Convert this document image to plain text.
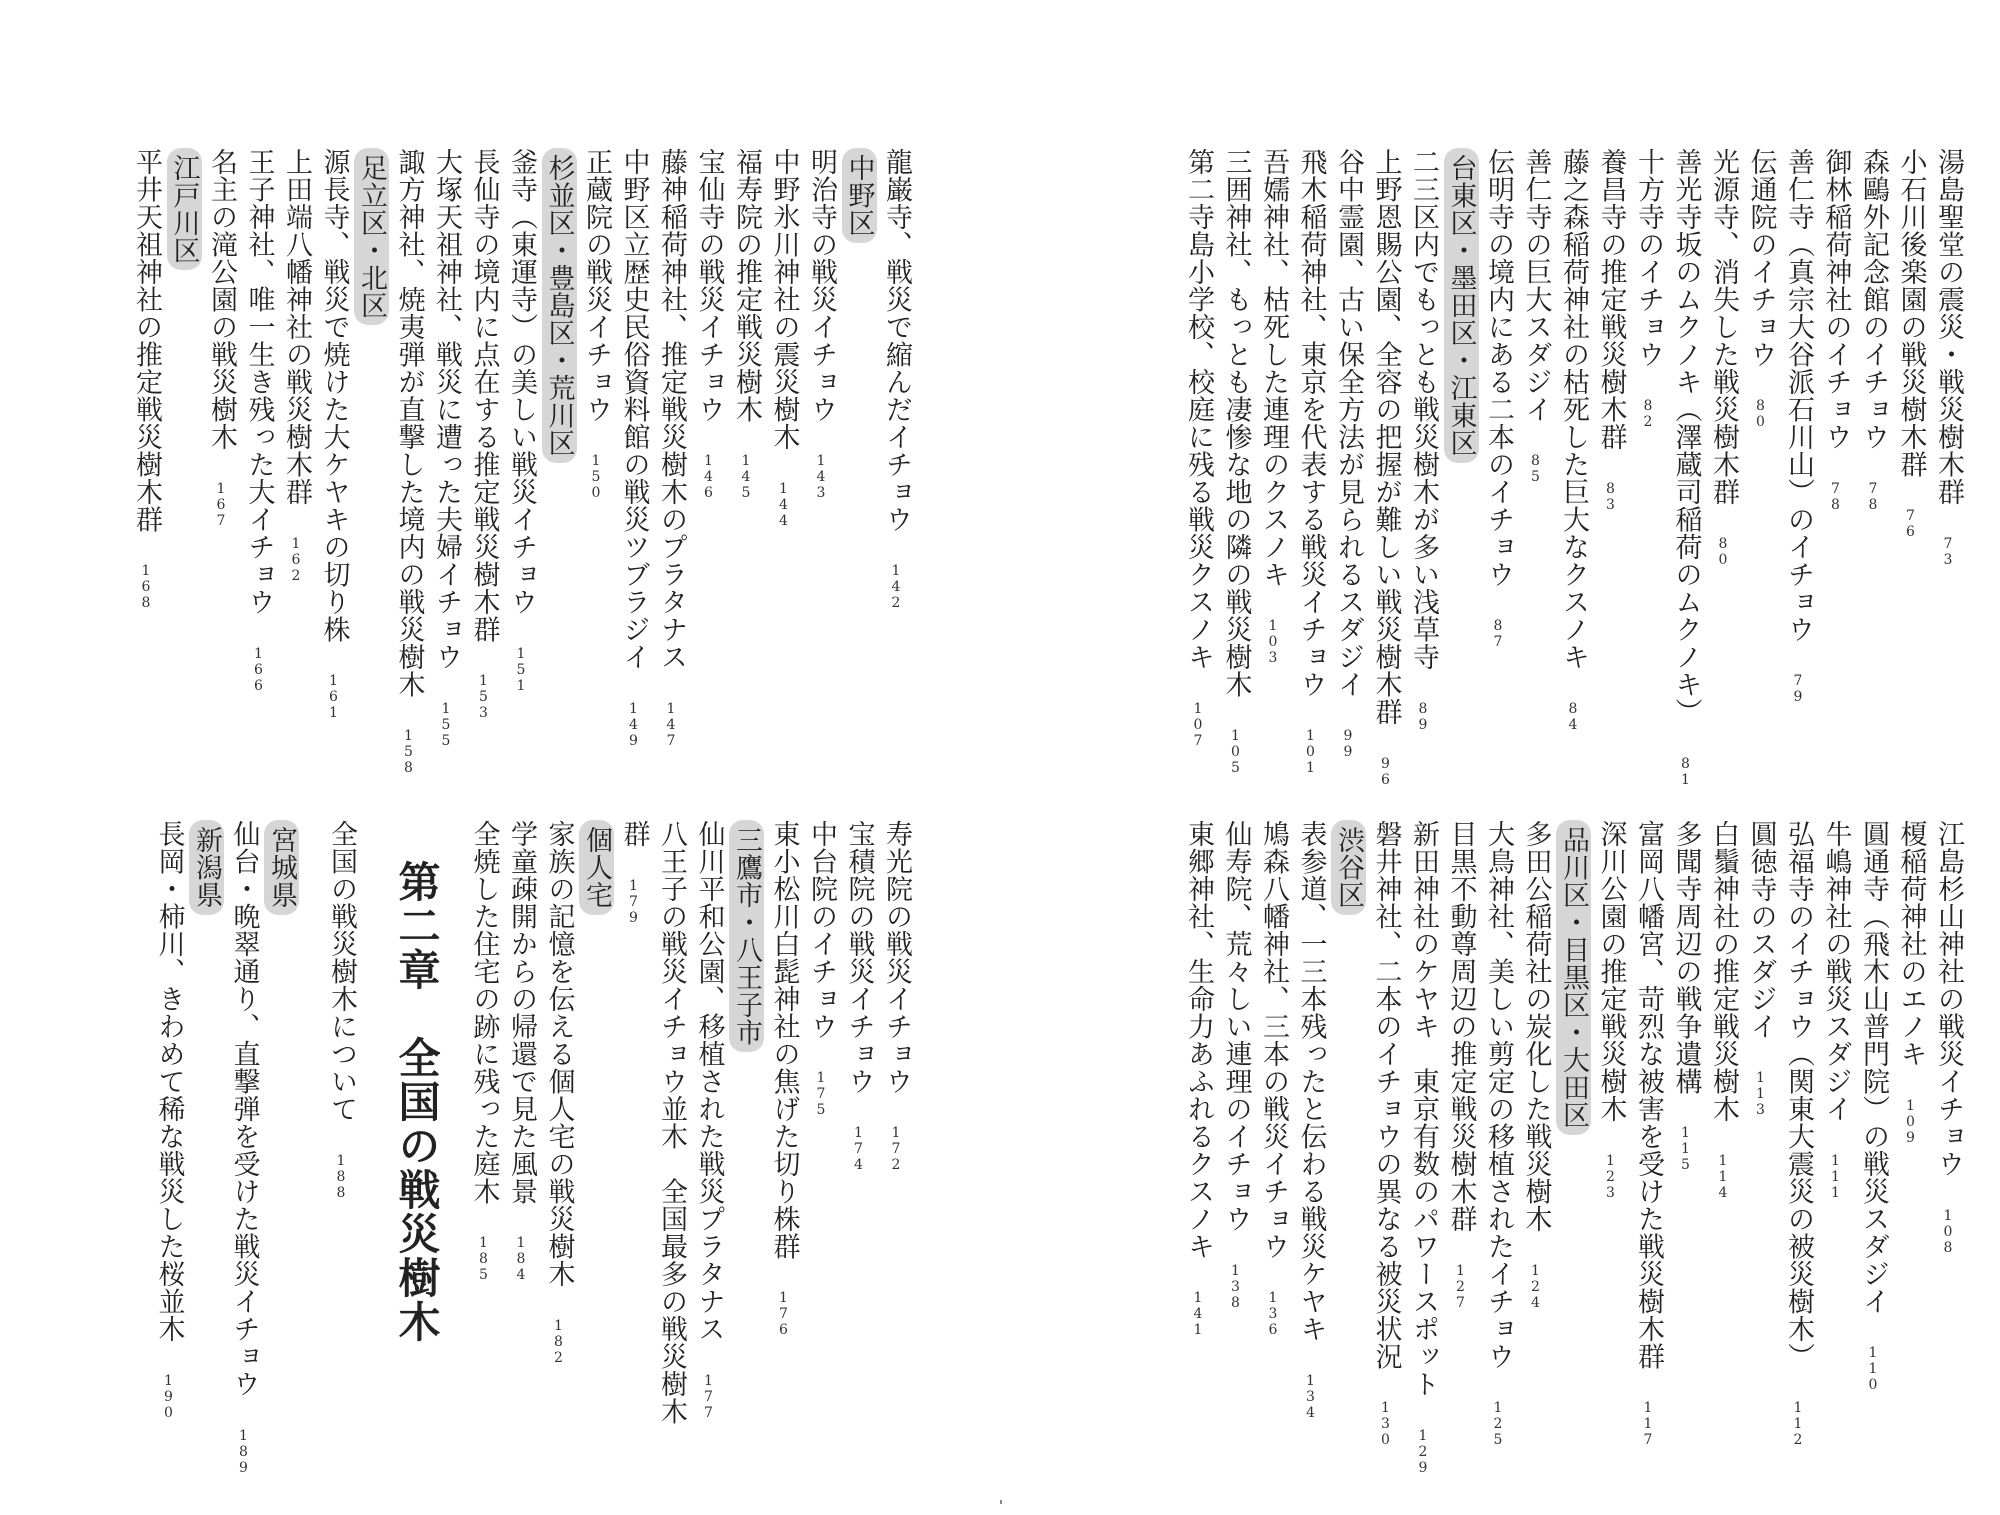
湯島聖堂の震災・戦災樹木群73
小石川後楽園の戦災樹木群76
森鷗外記念館のイチョウ78
御林稲荷神社のイチョウ78
善仁寺（真宗大谷派石川山）のイチョウ79
伝通院のイチョウ80
光源寺、消失した戦災樹木群80
善光寺坂のムクノキ（澤蔵司稲荷のムクノキ）81
十方寺のイチョウ82
養昌寺の推定戦災樹木群83
藤之森稲荷神社の枯死した巨大なクスノキ84
善仁寺の巨大スダジイ85
伝明寺の境内にある二本のイチョウ87
台東区・墨田区・江東区
二三区内でもっとも戦災樹木が多い浅草寺89
上野恩賜公園、全容の把握が難しい戦災樹木群96
谷中霊園、古い保全方法が見られるスダジイ99
飛木稲荷神社、東京を代表する戦災イチョウ101
吾嬬神社、枯死した連理のクスノキ103
三囲神社、もっとも凄惨な地の隣の戦災樹木105
第二寺島小学校、校庭に残る戦災クスノキ107
江島杉山神社の戦災イチョウ108
榎稲荷神社のエノキ109
圓通寺（飛木山普門院）の戦災スダジイ110
牛嶋神社の戦災スダジイ111
弘福寺のイチョウ（関東大震災の被災樹木）112
圓徳寺のスダジイ113
白鬚神社の推定戦災樹木114
多聞寺周辺の戦争遺構115
富岡八幡宮、苛烈な被害を受けた戦災樹木群117
深川公園の推定戦災樹木123
品川区・目黒区・大田区
多田公稲荷社の炭化した戦災樹木124
大鳥神社、美しい剪定の移植されたイチョウ125
目黒不動尊周辺の推定戦災樹木群127
新田神社のケヤキ　東京有数のパワースポット129
磐井神社、二本のイチョウの異なる被災状況130
渋谷区
表参道、一三本残ったと伝わる戦災ケヤキ134
鳩森八幡神社、三本の戦災イチョウ136
仙寿院、荒々しい連理のイチョウ138
東郷神社、生命力あふれるクスノキ141
龍巌寺、戦災で縮んだイチョウ142
中野区
明治寺の戦災イチョウ143
中野氷川神社の震災樹木144
福寿院の推定戦災樹木145
宝仙寺の戦災イチョウ146
藤神稲荷神社、推定戦災樹木のプラタナス147
中野区立歴史民俗資料館の戦災ツブラジイ149
正蔵院の戦災イチョウ150
杉並区・豊島区・荒川区
釜寺（東運寺）の美しい戦災イチョウ151
長仙寺の境内に点在する推定戦災樹木群153
大塚天祖神社、戦災に遭った夫婦イチョウ155
諏方神社、焼夷弾が直撃した境内の戦災樹木158
足立区・北区
源長寺、戦災で焼けた大ケヤキの切り株161
上田端八幡神社の戦災樹木群162
王子神社、唯一生き残った大イチョウ166
名主の滝公園の戦災樹木167
江戸川区
平井天祖神社の推定戦災樹木群168
寿光院の戦災イチョウ172
宝積院の戦災イチョウ174
中台院のイチョウ175
東小松川白髭神社の焦げた切り株群176
三鷹市・八王子市
仙川平和公園、移植された戦災プラタナス177
八王子の戦災イチョウ並木　全国最多の戦災樹木
群179
個人宅
家族の記憶を伝える個人宅の戦災樹木182
学童疎開からの帰還で見た風景184
全焼した住宅の跡に残った庭木185
第二章　全国の戦災樹木
全国の戦災樹木について188
宮城県
仙台・晩翠通り、直撃弾を受けた戦災イチョウ189
新潟県
長岡・柿川、きわめて稀な戦災した桜並木190
